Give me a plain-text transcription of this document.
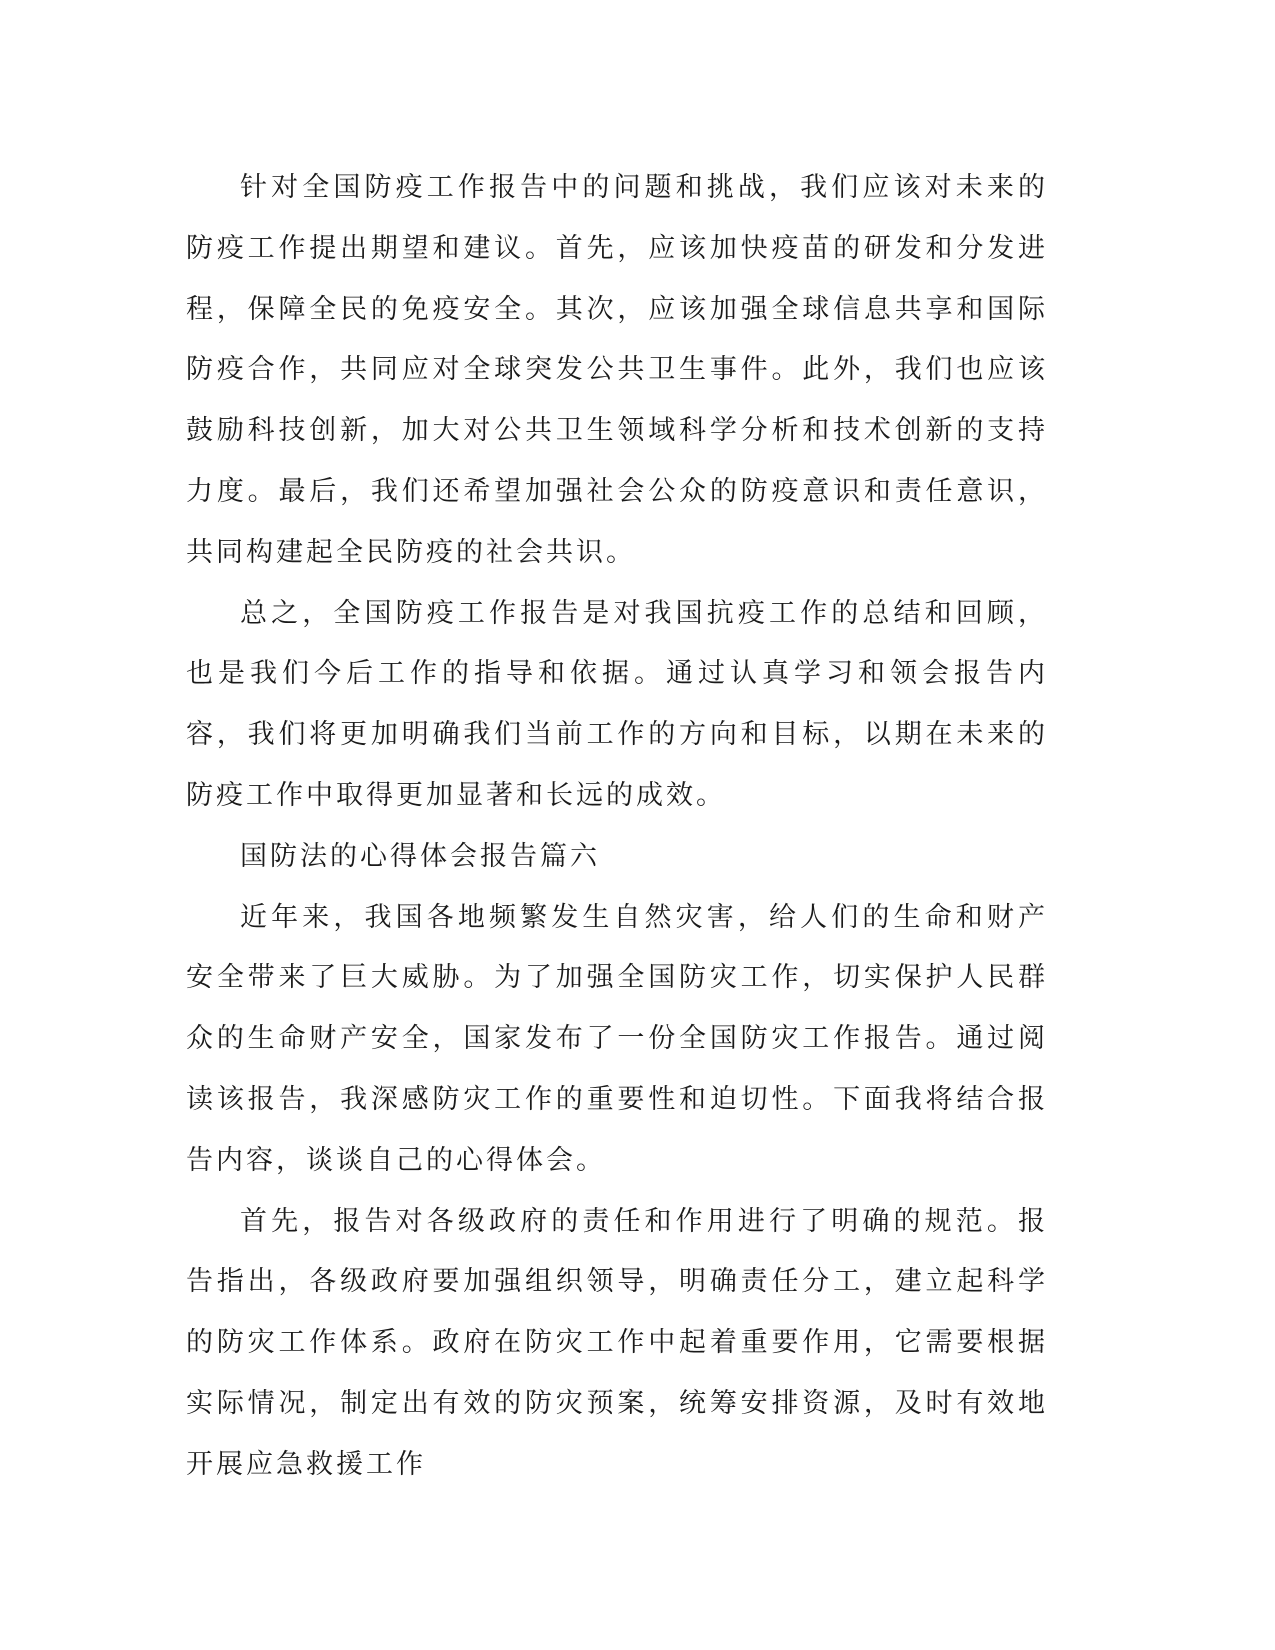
针对全国防疫工作报告中的问题和挑战，我们应该对未来的防疫工作提出期望和建议。首先，应该加快疫苗的研发和分发进程，保障全民的免疫安全。其次，应该加强全球信息共享和国际防疫合作，共同应对全球突发公共卫生事件。此外，我们也应该鼓励科技创新，加大对公共卫生领域科学分析和技术创新的支持力度。最后，我们还希望加强社会公众的防疫意识和责任意识，共同构建起全民防疫的社会共识。

总之，全国防疫工作报告是对我国抗疫工作的总结和回顾，也是我们今后工作的指导和依据。通过认真学习和领会报告内容，我们将更加明确我们当前工作的方向和目标，以期在未来的防疫工作中取得更加显著和长远的成效。

国防法的心得体会报告篇六

近年来，我国各地频繁发生自然灾害，给人们的生命和财产安全带来了巨大威胁。为了加强全国防灾工作，切实保护人民群众的生命财产安全，国家发布了一份全国防灾工作报告。通过阅读该报告，我深感防灾工作的重要性和迫切性。下面我将结合报告内容，谈谈自己的心得体会。

首先，报告对各级政府的责任和作用进行了明确的规范。报告指出，各级政府要加强组织领导，明确责任分工，建立起科学的防灾工作体系。政府在防灾工作中起着重要作用，它需要根据实际情况，制定出有效的防灾预案，统筹安排资源，及时有效地开展应急救援工作
